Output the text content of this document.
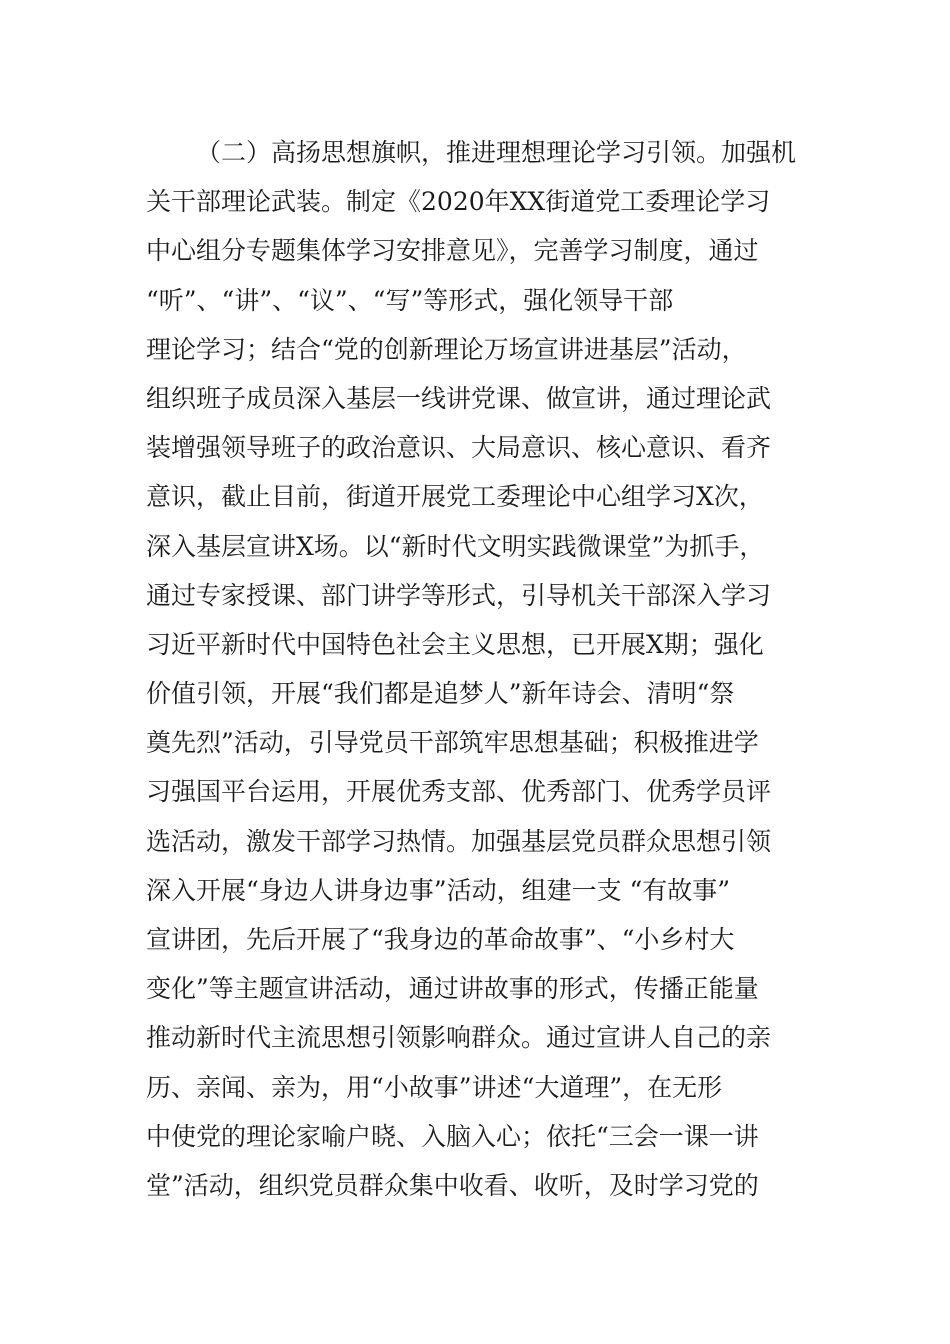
（二）高扬思想旗帜，推进理想理论学习引领。加强机
关干部理论武装。制定《2020年XX街道党工委理论学习
中心组分专题集体学习安排意见》，完善学习制度，通过
“听”、“讲”、“议”、“写”等形式，强化领导干部
理论学习；结合“党的创新理论万场宣讲进基层”活动，
组织班子成员深入基层一线讲党课、做宣讲，通过理论武
装增强领导班子的政治意识、大局意识、核心意识、看齐
意识，截止目前，街道开展党工委理论中心组学习X次，
深入基层宣讲X场。以“新时代文明实践微课堂”为抓手，
通过专家授课、部门讲学等形式，引导机关干部深入学习
习近平新时代中国特色社会主义思想，已开展X期；强化
价值引领，开展“我们都是追梦人”新年诗会、清明“祭
奠先烈”活动，引导党员干部筑牢思想基础；积极推进学
习强国平台运用，开展优秀支部、优秀部门、优秀学员评
选活动，激发干部学习热情。加强基层党员群众思想引领
深入开展“身边人讲身边事”活动，组建一支 “有故事”
宣讲团，先后开展了“我身边的革命故事”、“小乡村大
变化”等主题宣讲活动，通过讲故事的形式，传播正能量
推动新时代主流思想引领影响群众。通过宣讲人自己的亲
历、亲闻、亲为，用“小故事”讲述“大道理”，在无形
中使党的理论家喻户晓、入脑入心；依托“三会一课一讲
堂”活动，组织党员群众集中收看、收听，及时学习党的
